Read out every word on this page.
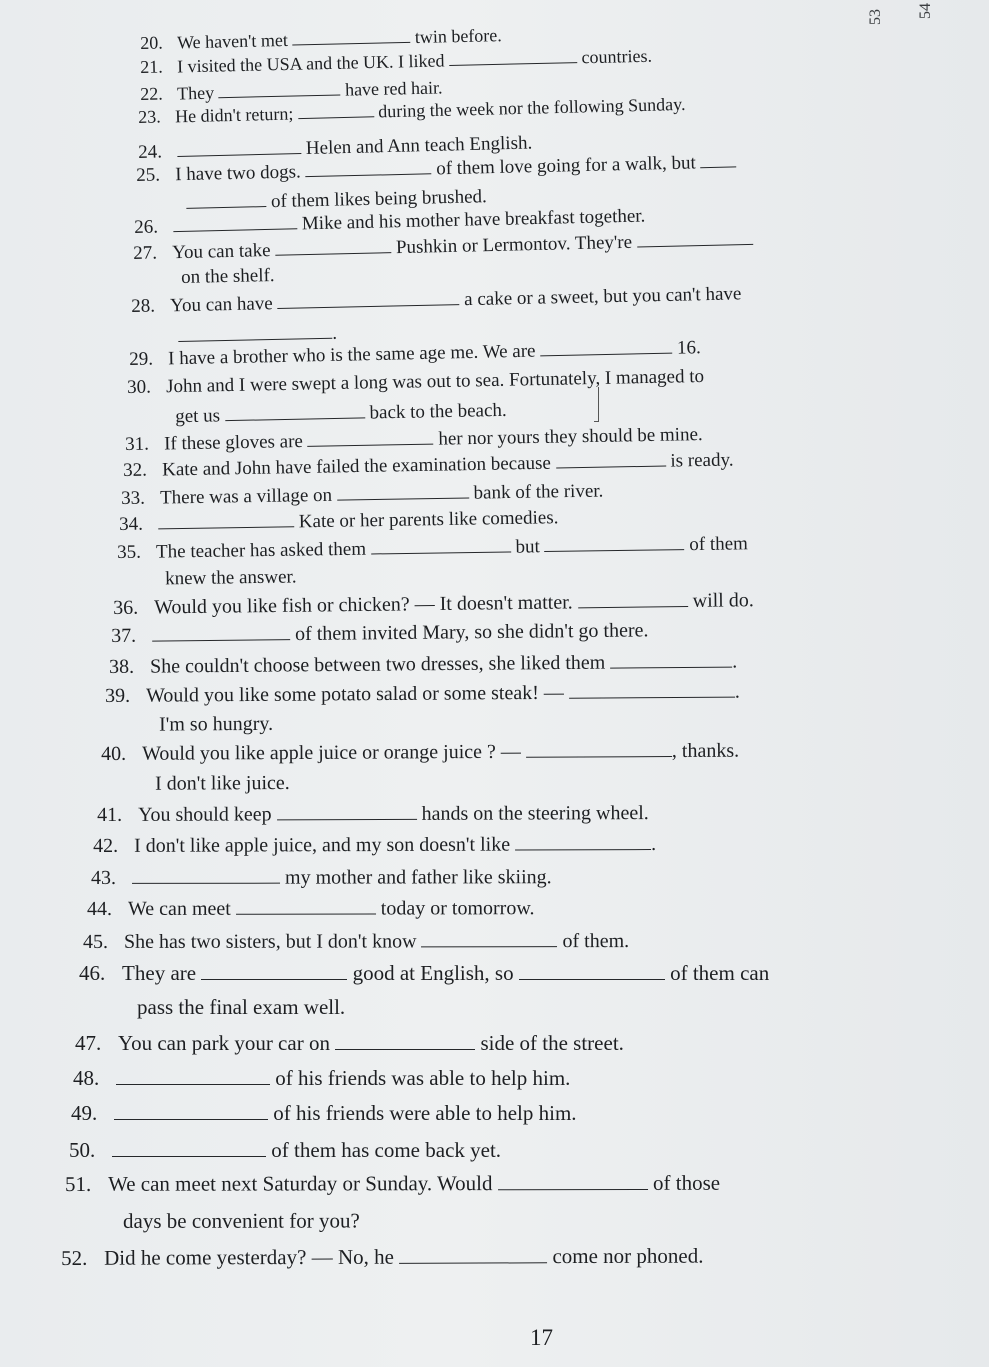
53 54
20. We haven't met	twin before.
21. I visited the USA and the UK. I liked	countries.
22. They	have red hair.
23. He didn't return;	during the week nor the following Sunday.
24.	Helen and Ann teach English.
25. I have two dogs.	of them love going for a walk, but
of them likes being brushed.
26.	Mike and his mother have breakfast together.
27. You can take	Pushkin or Lermontov. They're
on the shelf.
28. You can have	a cake or a sweet, but you can't have
.
29. I have a brother who is the same age me. We are	16.
30. John and I were swept a long was out to sea. Fortunately, I managed to
get us	back to the beach.
31. If these gloves are	her nor yours they should be mine.
32. Kate and John have failed the examination because	is ready.
33. There was a village on	bank of the river.
34.	Kate or her parents like comedies.
35. The teacher has asked them	but	of them
knew the answer.
36. Would you like fish or chicken? — It doesn't matter.	will do.
37.	of them invited Mary, so she didn't go there.
38. She couldn't choose between two dresses, she liked them	.
39. Would you like some potato salad or some steak! —	.
I'm so hungry.
40. Would you like apple juice or orange juice ? —	, thanks.
I don't like juice.
41. You should keep	hands on the steering wheel.
42. I don't like apple juice, and my son doesn't like	.
43.	my mother and father like skiing.
44. We can meet	today or tomorrow.
45. She has two sisters, but I don't know	of them.
46. They are	good at English, so	of them can
pass the final exam well.
47. You can park your car on	side of the street.
48.	of his friends was able to help him.
49.	of his friends were able to help him.
50.	of them has come back yet.
51. We can meet next Saturday or Sunday. Would	of those
days be convenient for you?
52. Did he come yesterday? — No, he	come nor phoned.
17
